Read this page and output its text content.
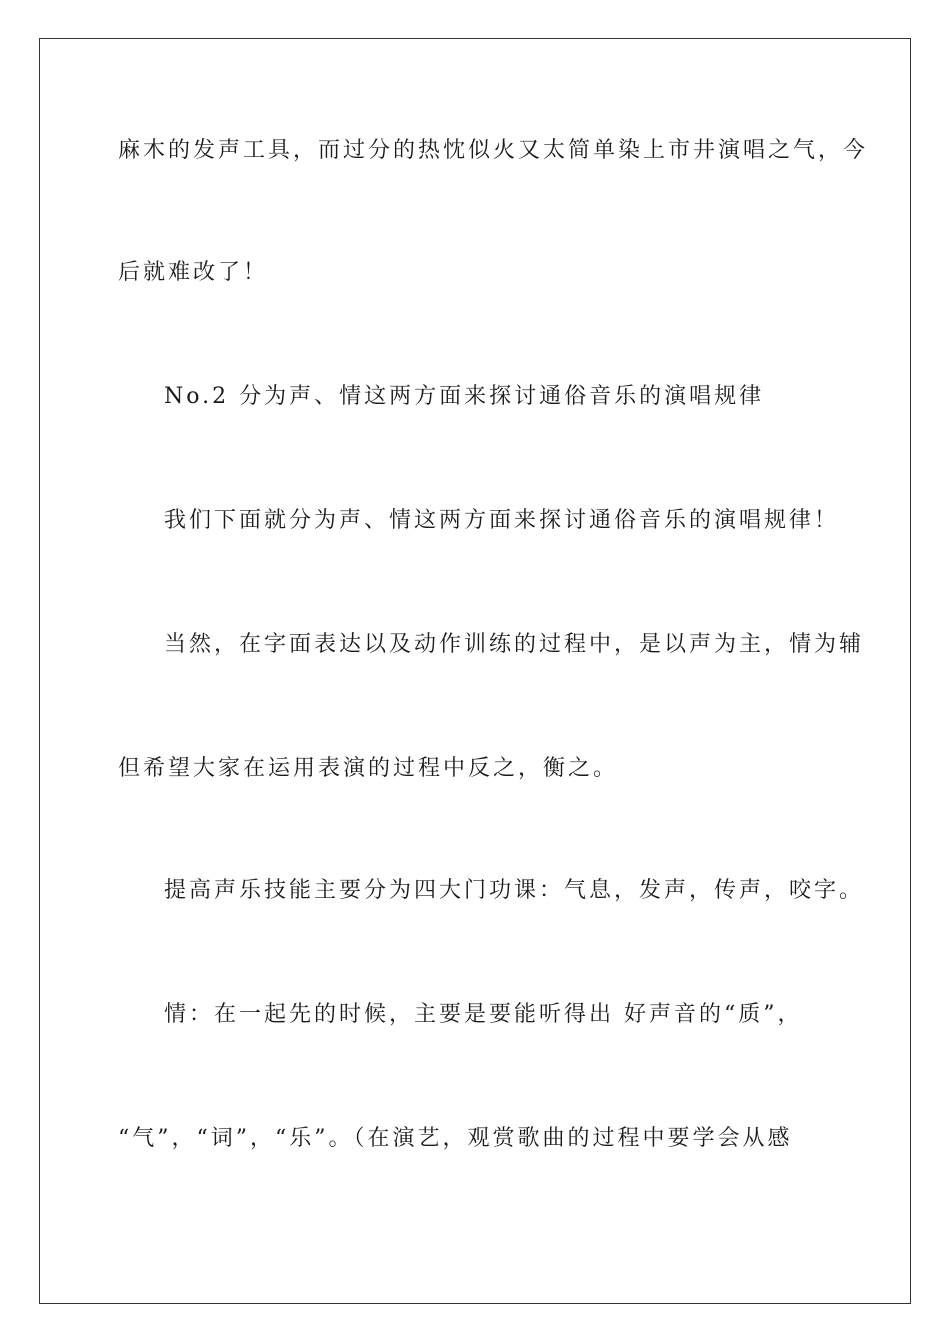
麻木的发声工具，而过分的热忱似火又太简单染上市井演唱之气，今
后就难改了！
No.2 分为声、情这两方面来探讨通俗音乐的演唱规律
我们下面就分为声、情这两方面来探讨通俗音乐的演唱规律！
当然，在字面表达以及动作训练的过程中，是以声为主，情为辅
但希望大家在运用表演的过程中反之，衡之。
提高声乐技能主要分为四大门功课：气息，发声，传声，咬字。
情：在一起先的时候，主要是要能听得出 好声音的“质”，
“气”，“词”，“乐”。（在演艺，观赏歌曲的过程中要学会从感
